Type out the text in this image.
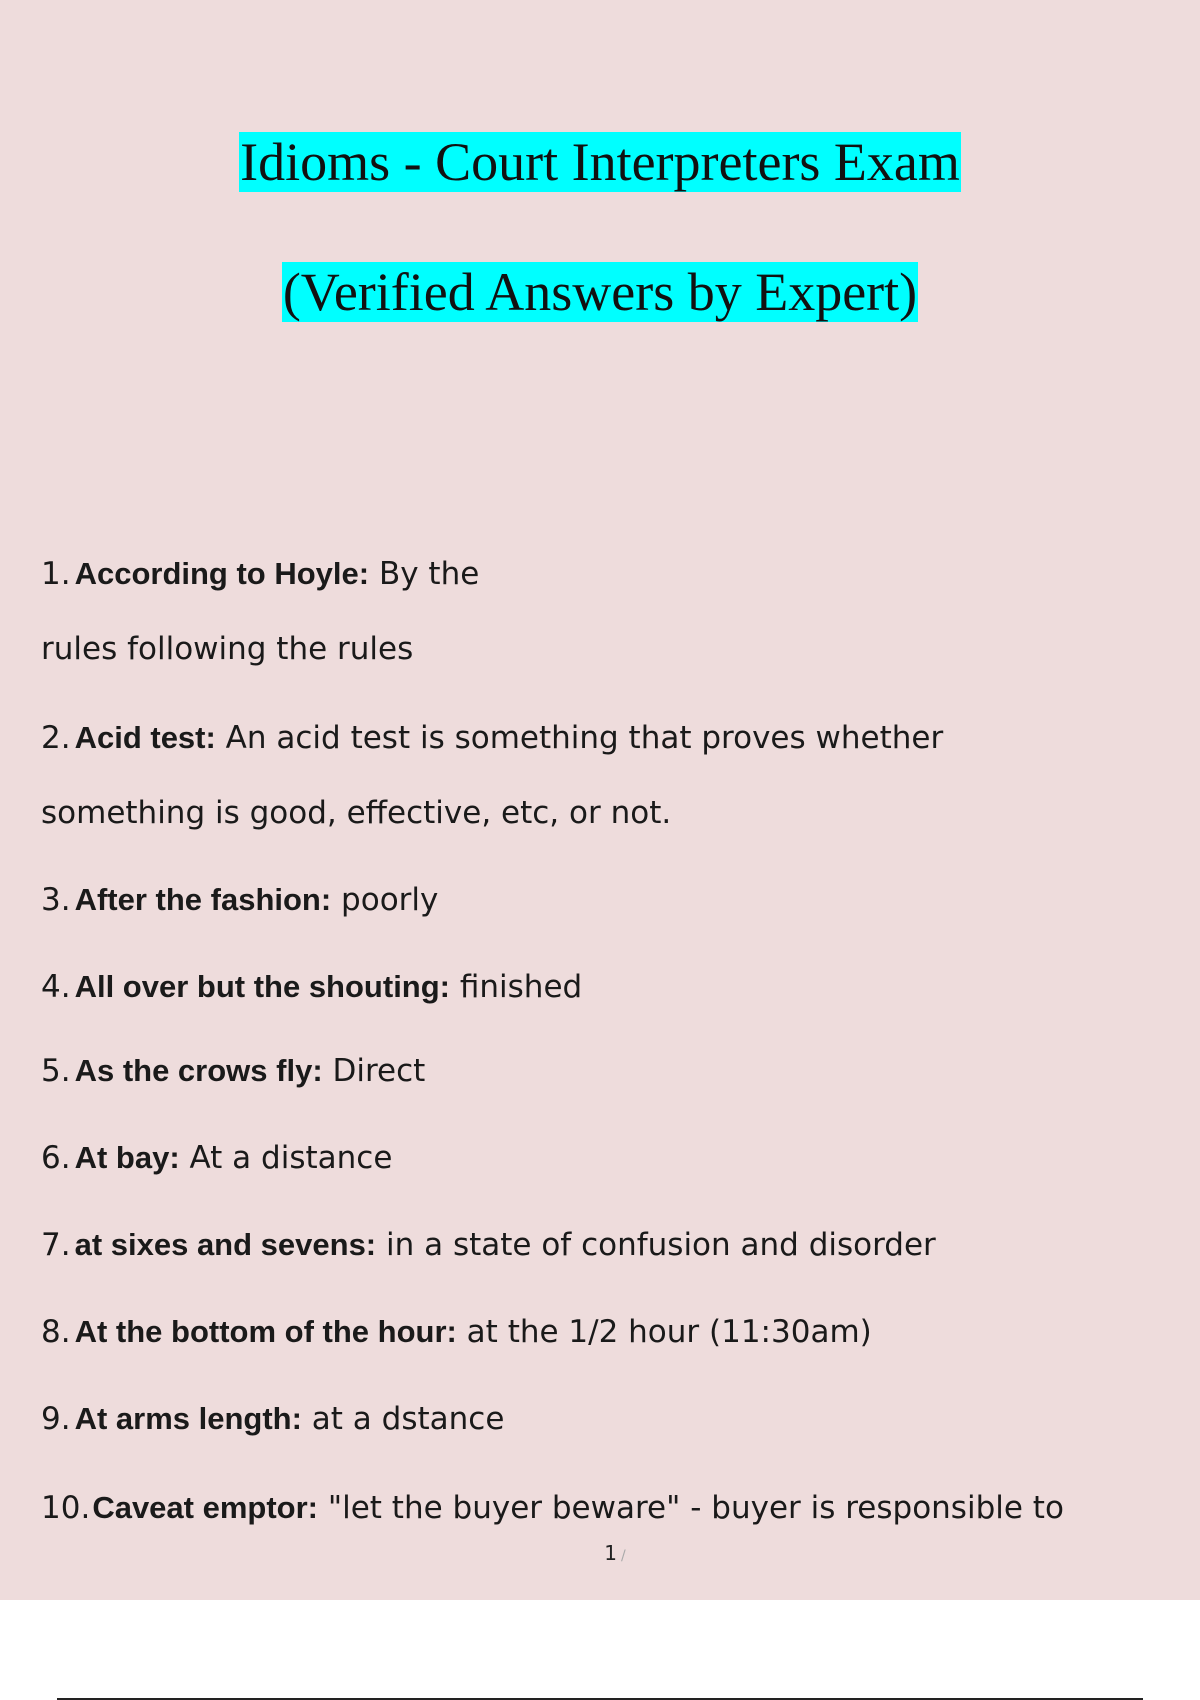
Idioms - Court Interpreters Exam
(Verified Answers by Expert)
1. According to Hoyle: By the
rules following the rules
2. Acid test: An acid test is something that proves whether
something is good, effective, etc, or not.
3. After the fashion: poorly
4. All over but the shouting: finished
5. As the crows fly: Direct
6. At bay: At a distance
7. at sixes and sevens: in a state of confusion and disorder
8. At the bottom of the hour: at the 1/2 hour (11:30am)
9. At arms length: at a dstance
10.Caveat emptor: "let the buyer beware" - buyer is responsible to
1 /
